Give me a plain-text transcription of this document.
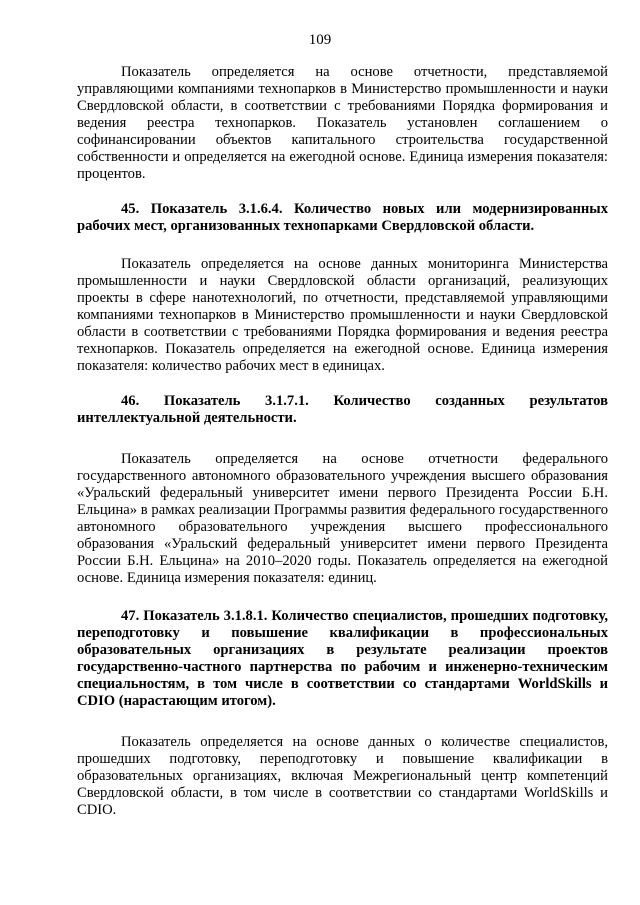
109

Показатель определяется на основе отчетности, представляемой управляющими компаниями технопарков в Министерство промышленности и науки Свердловской области, в соответствии с требованиями Порядка формирования и ведения реестра технопарков. Показатель установлен соглашением о софинансировании объектов капитального строительства государственной собственности и определяется на ежегодной основе. Единица измерения показателя: процентов.

45. Показатель 3.1.6.4. Количество новых или модернизированных рабочих мест, организованных технопарками Свердловской области.

Показатель определяется на основе данных мониторинга Министерства промышленности и науки Свердловской области организаций, реализующих проекты в сфере нанотехнологий, по отчетности, представляемой управляющими компаниями технопарков в Министерство промышленности и науки Свердловской области в соответствии с требованиями Порядка формирования и ведения реестра технопарков. Показатель определяется на ежегодной основе. Единица измерения показателя: количество рабочих мест в единицах.

46. Показатель 3.1.7.1. Количество созданных результатов интеллектуальной деятельности.

Показатель определяется на основе отчетности федерального государственного автономного образовательного учреждения высшего образования «Уральский федеральный университет имени первого Президента России Б.Н. Ельцина» в рамках реализации Программы развития федерального государственного автономного образовательного учреждения высшего профессионального образования «Уральский федеральный университет имени первого Президента России Б.Н. Ельцина» на 2010–2020 годы. Показатель определяется на ежегодной основе. Единица измерения показателя: единиц.

47. Показатель 3.1.8.1. Количество специалистов, прошедших подготовку, переподготовку и повышение квалификации в профессиональных образовательных организациях в результате реализации проектов государственно-частного партнерства по рабочим и инженерно-техническим специальностям, в том числе в соответствии со стандартами WorldSkills и CDIO (нарастающим итогом).

Показатель определяется на основе данных о количестве специалистов, прошедших подготовку, переподготовку и повышение квалификации в образовательных организациях, включая Межрегиональный центр компетенций Свердловской области, в том числе в соответствии со стандартами WorldSkills и CDIO.
